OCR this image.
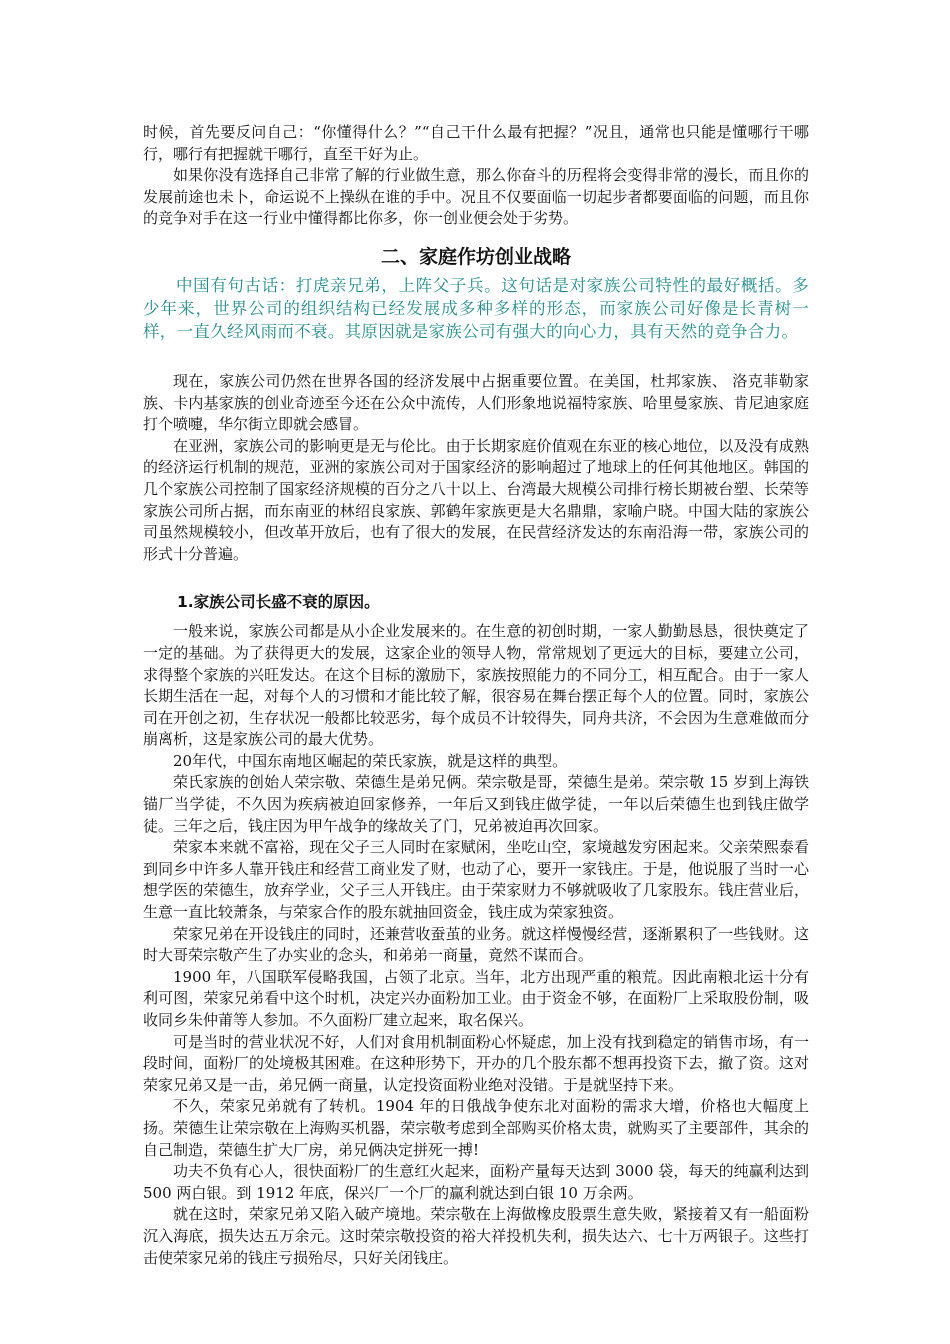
时候，首先要反问自己：“你懂得什么？”“自己干什么最有把握？”况且，通常也只能是懂哪行干哪行，哪行有把握就干哪行，直至干好为止。

如果你没有选择自己非常了解的行业做生意，那么你奋斗的历程将会变得非常的漫长，而且你的发展前途也未卜，命运说不上操纵在谁的手中。况且不仅要面临一切起步者都要面临的问题，而且你的竞争对手在这一行业中懂得都比你多，你一创业便会处于劣势。

二、家庭作坊创业战略

中国有句古话：打虎亲兄弟，上阵父子兵。这句话是对家族公司特性的最好概括。多少年来，世界公司的组织结构已经发展成多种多样的形态，而家族公司好像是长青树一样，一直久经风雨而不衰。其原因就是家族公司有强大的向心力，具有天然的竞争合力。

现在，家族公司仍然在世界各国的经济发展中占据重要位置。在美国，杜邦家族、 洛克菲勒家族、卡内基家族的创业奇迹至今还在公众中流传，人们形象地说福特家族、哈里曼家族、肯尼迪家庭打个喷嚏，华尔街立即就会感冒。

在亚洲，家族公司的影响更是无与伦比。由于长期家庭价值观在东亚的核心地位，以及没有成熟的经济运行机制的规范，亚洲的家族公司对于国家经济的影响超过了地球上的任何其他地区。韩国的几个家族公司控制了国家经济规模的百分之八十以上、台湾最大规模公司排行榜长期被台塑、长荣等家族公司所占据，而东南亚的林绍良家族、郭鹤年家族更是大名鼎鼎，家喻户晓。中国大陆的家族公司虽然规模较小，但改革开放后，也有了很大的发展，在民营经济发达的东南沿海一带，家族公司的形式十分普遍。

1.家族公司长盛不衰的原因。

一般来说，家族公司都是从小企业发展来的。在生意的初创时期，一家人勤勤恳恳，很快奠定了一定的基础。为了获得更大的发展，这家企业的领导人物，常常规划了更远大的目标，要建立公司，求得整个家族的兴旺发达。在这个目标的激励下，家族按照能力的不同分工，相互配合。由于一家人长期生活在一起，对每个人的习惯和才能比较了解，很容易在舞台摆正每个人的位置。同时，家族公司在开创之初，生存状况一般都比较恶劣，每个成员不计较得失，同舟共济，不会因为生意难做而分崩离析，这是家族公司的最大优势。

20年代，中国东南地区崛起的荣氏家族，就是这样的典型。

荣氏家族的创始人荣宗敬、荣德生是弟兄俩。荣宗敬是哥，荣德生是弟。荣宗敬 15 岁到上海铁锚厂当学徒，不久因为疾病被迫回家修养，一年后又到钱庄做学徒，一年以后荣德生也到钱庄做学徒。三年之后，钱庄因为甲午战争的缘故关了门，兄弟被迫再次回家。

荣家本来就不富裕，现在父子三人同时在家赋闲，坐吃山空，家境越发穷困起来。父亲荣熙泰看到同乡中许多人靠开钱庄和经营工商业发了财，也动了心，要开一家钱庄。于是，他说服了当时一心想学医的荣德生，放弃学业，父子三人开钱庄。由于荣家财力不够就吸收了几家股东。钱庄营业后，生意一直比较萧条，与荣家合作的股东就抽回资金，钱庄成为荣家独资。

荣家兄弟在开设钱庄的同时，还兼营收蚕茧的业务。就这样慢慢经营，逐渐累积了一些钱财。这时大哥荣宗敬产生了办实业的念头，和弟弟一商量，竟然不谋而合。

1900 年，八国联军侵略我国，占领了北京。当年，北方出现严重的粮荒。因此南粮北运十分有利可图，荣家兄弟看中这个时机，决定兴办面粉加工业。由于资金不够，在面粉厂上采取股份制，吸收同乡朱仲莆等人参加。不久面粉厂建立起来，取名保兴。

可是当时的营业状况不好，人们对食用机制面粉心怀疑虑，加上没有找到稳定的销售市场，有一段时间，面粉厂的处境极其困难。在这种形势下，开办的几个股东都不想再投资下去，撤了资。这对荣家兄弟又是一击，弟兄俩一商量，认定投资面粉业绝对没错。于是就坚持下来。

不久，荣家兄弟就有了转机。1904 年的日俄战争使东北对面粉的需求大增，价格也大幅度上扬。荣德生让荣宗敬在上海购买机器，荣宗敬考虑到全部购买价格太贵，就购买了主要部件，其余的自己制造，荣德生扩大厂房，弟兄俩决定拼死一搏!

功夫不负有心人，很快面粉厂的生意红火起来，面粉产量每天达到 3000 袋，每天的纯赢利达到 500 两白银。到 1912 年底，保兴厂一个厂的赢利就达到白银 10 万余两。

就在这时，荣家兄弟又陷入破产境地。荣宗敬在上海做橡皮股票生意失败，紧接着又有一船面粉沉入海底，损失达五万余元。这时荣宗敬投资的裕大祥投机失利，损失达六、七十万两银子。这些打击使荣家兄弟的钱庄亏损殆尽，只好关闭钱庄。
